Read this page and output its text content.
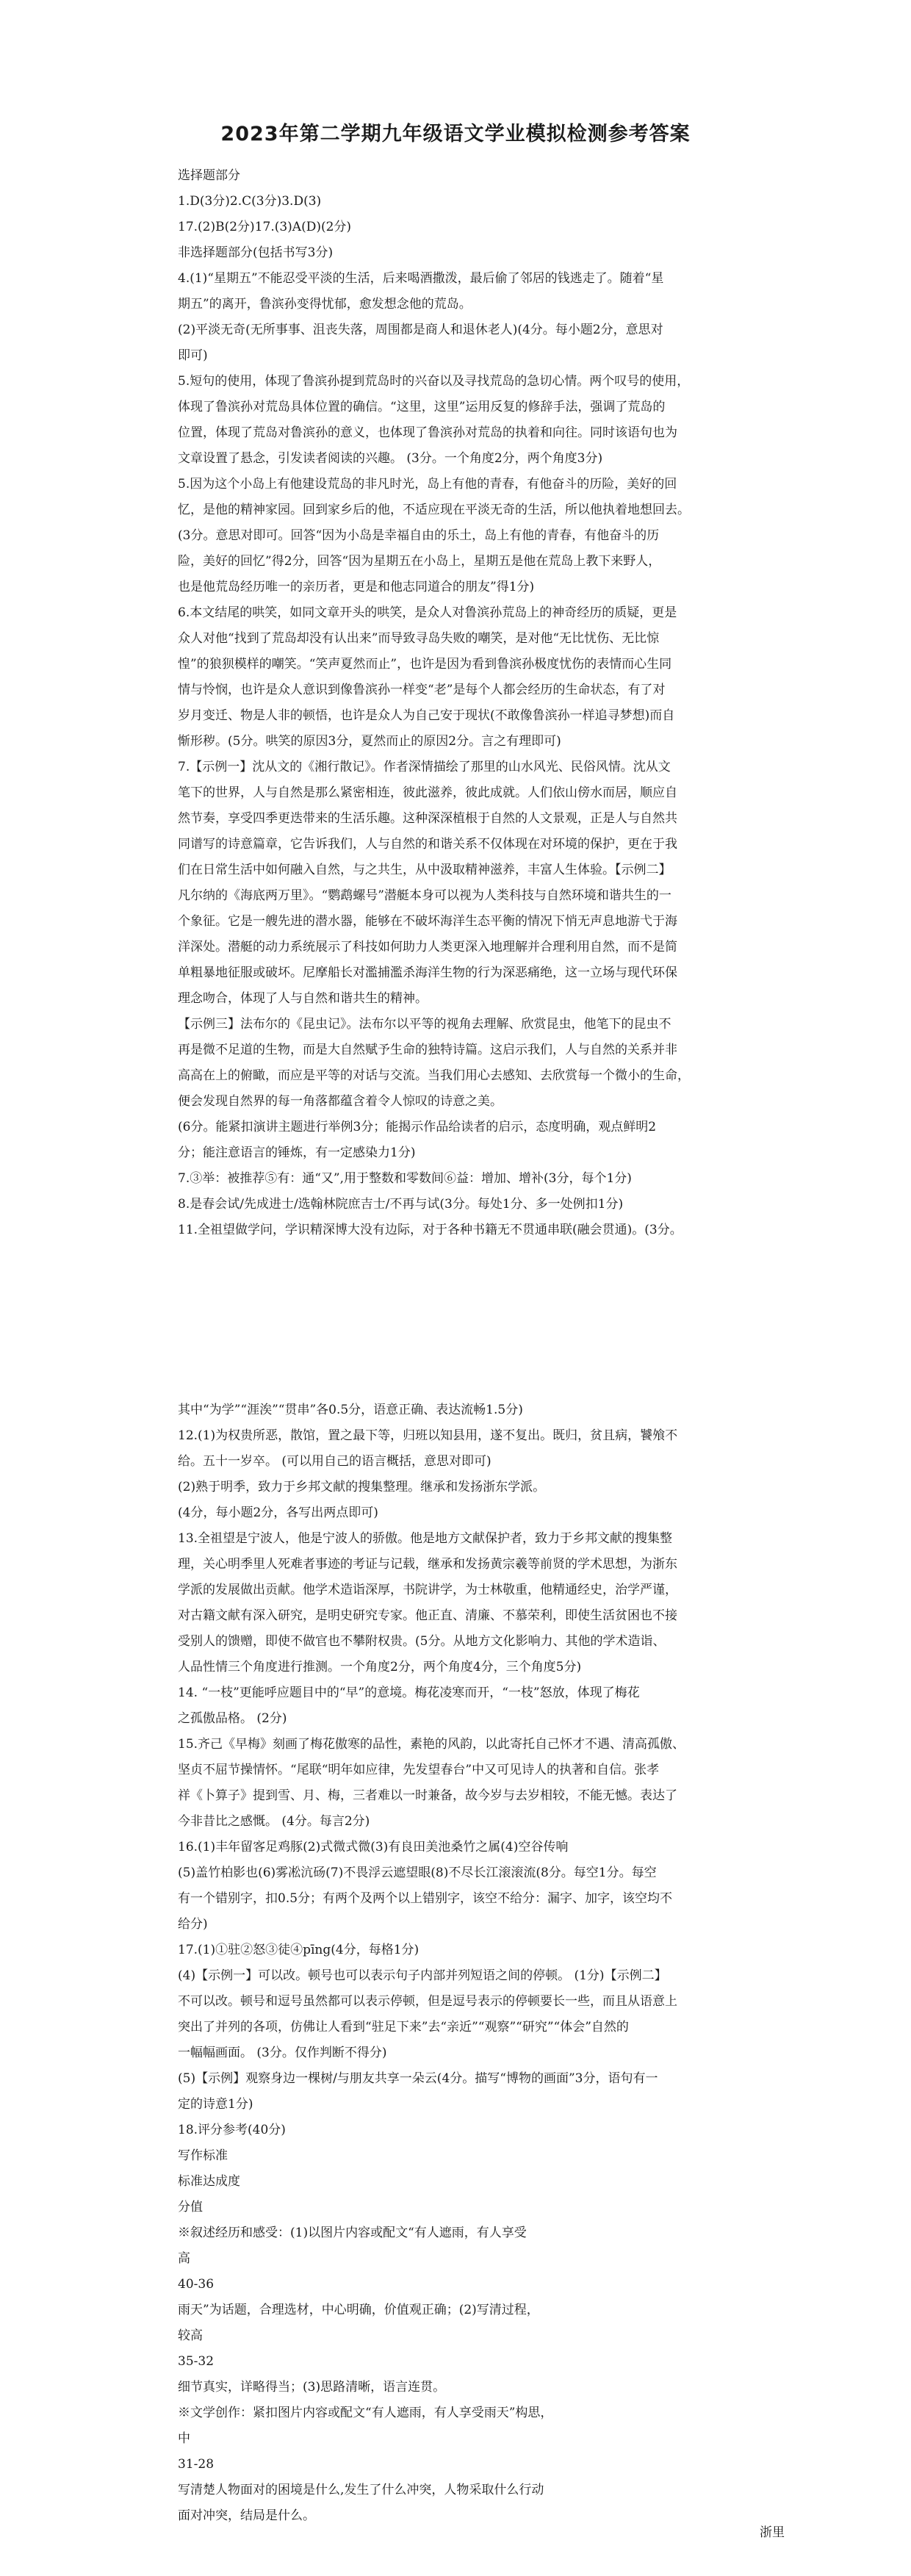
2023年第二学期九年级语文学业模拟检测参考答案

选择题部分

1.D(3分)2.C(3分)3.D(3)

17.(2)B(2分)17.(3)A(D)(2分)

非选择题部分(包括书写3分)

4.(1)“星期五”不能忍受平淡的生活，后来喝酒撒泼，最后偷了邻居的钱逃走了。随着“星

期五”的离开，鲁滨孙变得忧郁，愈发想念他的荒岛。

(2)平淡无奇(无所事事、沮丧失落，周围都是商人和退休老人)(4分。每小题2分，意思对

即可)

5.短句的使用，体现了鲁滨孙提到荒岛时的兴奋以及寻找荒岛的急切心情。两个叹号的使用，

体现了鲁滨孙对荒岛具体位置的确信。“这里，这里”运用反复的修辞手法，强调了荒岛的

位置，体现了荒岛对鲁滨孙的意义，也体现了鲁滨孙对荒岛的执着和向往。同时该语句也为

文章设置了悬念，引发读者阅读的兴趣。 (3分。一个角度2分，两个角度3分)

5.因为这个小岛上有他建设荒岛的非凡时光，岛上有他的青春，有他奋斗的历险，美好的回

忆，是他的精神家园。回到家乡后的他，不适应现在平淡无奇的生活，所以他执着地想回去。

(3分。意思对即可。回答“因为小岛是幸福自由的乐土，岛上有他的青春，有他奋斗的历

险，美好的回忆”得2分，回答“因为星期五在小岛上，星期五是他在荒岛上教下来野人，

也是他荒岛经历唯一的亲历者，更是和他志同道合的朋友”得1分)

6.本文结尾的哄笑，如同文章开头的哄笑，是众人对鲁滨孙荒岛上的神奇经历的质疑，更是

众人对他“找到了荒岛却没有认出来”而导致寻岛失败的嘲笑，是对他“无比忧伤、无比惊

惶”的狼狈模样的嘲笑。“笑声夏然而止”，也许是因为看到鲁滨孙极度忧伤的表情而心生同

情与怜悯，也许是众人意识到像鲁滨孙一样变“老”是每个人都会经历的生命状态，有了对

岁月变迁、物是人非的顿悟，也许是众人为自己安于现状(不敢像鲁滨孙一样追寻梦想)而自

惭形秽。(5分。哄笑的原因3分，夏然而止的原因2分。言之有理即可)

7.【示例一】沈从文的《湘行散记》。作者深情描绘了那里的山水风光、民俗风情。沈从文

笔下的世界，人与自然是那么紧密相连，彼此滋养，彼此成就。人们依山傍水而居，顺应自

然节奏，享受四季更迭带来的生活乐趣。这种深深植根于自然的人文景观，正是人与自然共

同谱写的诗意篇章，它告诉我们，人与自然的和谐关系不仅体现在对环境的保护，更在于我

们在日常生活中如何融入自然，与之共生，从中汲取精神滋养，丰富人生体验。【示例二】

凡尔纳的《海底两万里》。“鹦鹉螺号”潜艇本身可以视为人类科技与自然环境和谐共生的一

个象征。它是一艘先进的潜水器，能够在不破坏海洋生态平衡的情况下悄无声息地游弋于海

洋深处。潜艇的动力系统展示了科技如何助力人类更深入地理解并合理利用自然，而不是简

单粗暴地征服或破坏。尼摩船长对濫捕濫杀海洋生物的行为深恶痛绝，这一立场与现代环保

理念吻合，体现了人与自然和谐共生的精神。

【示例三】法布尔的《昆虫记》。法布尔以平等的视角去理解、欣赏昆虫，他笔下的昆虫不

再是微不足道的生物，而是大自然赋予生命的独特诗篇。这启示我们，人与自然的关系并非

高高在上的俯瞰，而应是平等的对话与交流。当我们用心去感知、去欣赏每一个微小的生命，

便会发现自然界的每一角落都蕴含着令人惊叹的诗意之美。

(6分。能紧扣演讲主题进行举例3分；能揭示作品给读者的启示，态度明确，观点鲜明2

分；能注意语言的锤炼，有一定感染力1分)

7.③举：被推荐⑤有：通“又”,用于整数和零数间⑥益：增加、增补(3分，每个1分)

8.是春会试/先成进士/选翰林院庶吉士/不再与试(3分。每处1分、多一处例扣1分)

11.全祖望做学问，学识精深博大没有边际，对于各种书籍无不贯通串联(融会贯通)。(3分。

其中“为学”“涯涘”“贯串”各0.5分，语意正确、表达流畅1.5分)

12.(1)为权贵所恶，散馆，置之最下等，归班以知县用，遂不复出。既归，贫且病，饕飧不

给。五十一岁卒。 (可以用自己的语言概括，意思对即可)

(2)熟于明季，致力于乡邦文献的搜集整理。继承和发扬浙东学派。

(4分，每小题2分，各写出两点即可)

13.全祖望是宁波人，他是宁波人的骄傲。他是地方文献保护者，致力于乡邦文献的搜集整

理，关心明季里人死难者事迹的考证与记载，继承和发扬黄宗羲等前贤的学术思想，为浙东

学派的发展做出贡献。他学术造诣深厚，书院讲学，为士林敬重，他精通经史，治学严谨，

对古籍文献有深入研究，是明史研究专家。他正直、清廉、不慕荣利，即使生活贫困也不接

受别人的馈赠，即使不做官也不攀附权贵。(5分。从地方文化影响力、其他的学术造诣、

人品性情三个角度进行推测。一个角度2分，两个角度4分，三个角度5分)

14. “一枝”更能呼应题目中的“早”的意境。梅花凌寒而开，“一枝”怒放，体现了梅花

之孤傲品格。 (2分)

15.齐己《早梅》刻画了梅花傲寒的品性，素艳的风韵，以此寄托自己怀才不遇、清高孤傲、

坚贞不屈节操情怀。“尾联“明年如应律，先发望春台”中又可见诗人的执著和自信。张孝

祥《卜算子》提到雪、月、梅，三者难以一时兼备，故今岁与去岁相较，不能无憾。表达了

今非昔比之感慨。 (4分。每言2分)

16.(1)丰年留客足鸡豚(2)式微式微(3)有良田美池桑竹之属(4)空谷传响

(5)盖竹柏影也(6)雾凇沆砀(7)不畏浮云遮望眼(8)不尽长江滚滚流(8分。每空1分。每空

有一个错别字，扣0.5分；有两个及两个以上错别字，该空不给分：漏字、加字，该空均不

给分)

17.(1)①驻②怒③徒④pīng(4分，每格1分)

(4)【示例一】可以改。顿号也可以表示句子内部并列短语之间的停顿。 (1分)【示例二】

不可以改。顿号和逗号虽然都可以表示停顿，但是逗号表示的停顿要长一些，而且从语意上

突出了并列的各项，仿佛让人看到“驻足下来”去“亲近”“观察”“研究”“体会”自然的

一幅幅画面。 (3分。仅作判断不得分)

(5)【示例】观察身边一棵树/与朋友共享一朵云(4分。描写“博物的画面”3分，语句有一

定的诗意1分)

18.评分参考(40分)

写作标准

标准达成度

分值

※叙述经历和感受：(1)以图片内容或配文“有人遮雨，有人享受

高

40-36

雨天”为话题，合理选材，中心明确，价值观正确；(2)写清过程，

较高

35-32

细节真实，详略得当；(3)思路清晰，语言连贯。

※文学创作：紧扣图片内容或配文“有人遮雨，有人享受雨天”构思，

中

31-28

写清楚人物面对的困境是什么,发生了什么冲突，人物采取什么行动

面对冲突，结局是什么。

浙里
